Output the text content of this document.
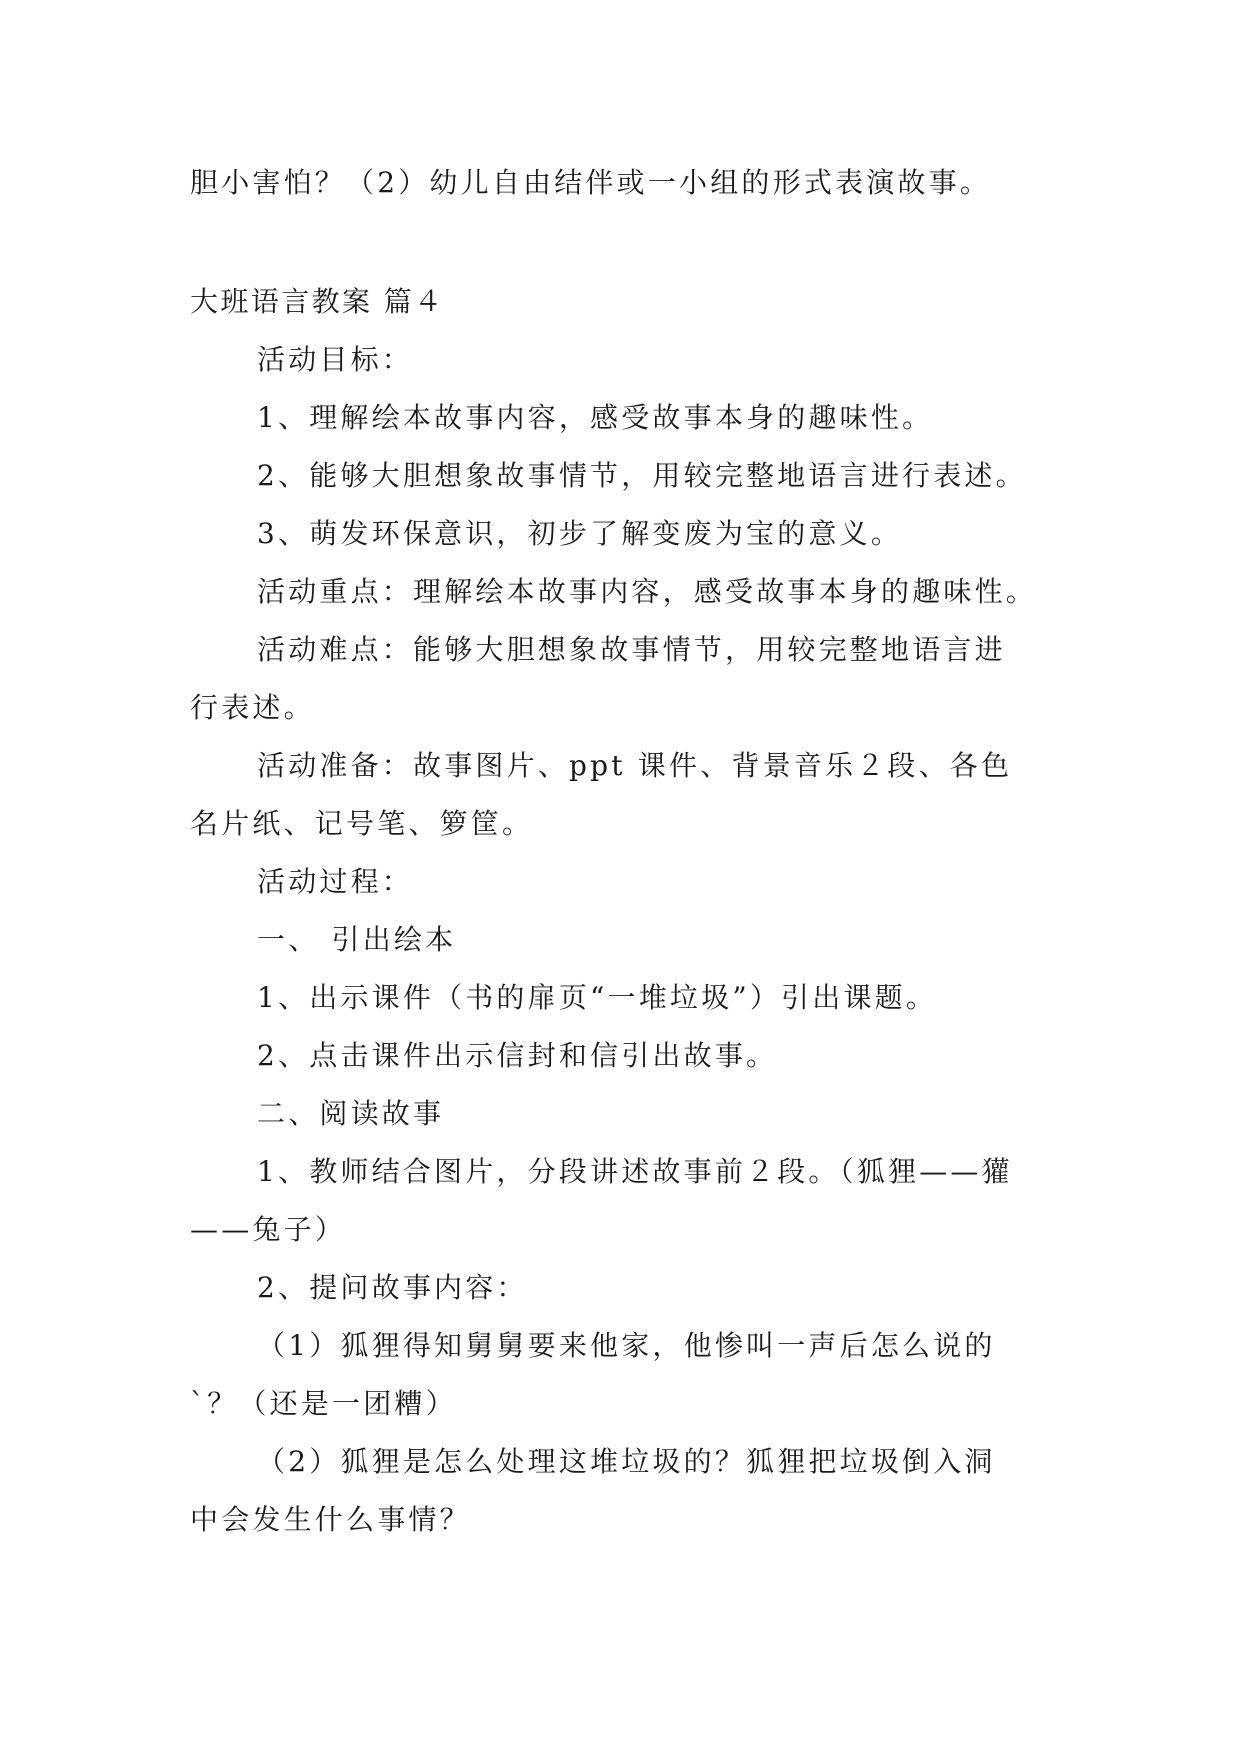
胆小害怕？（2）幼儿自由结伴或一小组的形式表演故事。
大班语言教案 篇４
活动目标：
1、理解绘本故事内容，感受故事本身的趣味性。
2、能够大胆想象故事情节，用较完整地语言进行表述。
3、萌发环保意识，初步了解变废为宝的意义。
活动重点：理解绘本故事内容，感受故事本身的趣味性。
活动难点：能够大胆想象故事情节，用较完整地语言进
行表述。
活动准备：故事图片、ppt 课件、背景音乐２段、各色
名片纸、记号笔、箩筐。
活动过程：
一、 引出绘本
1、出示课件（书的扉页“一堆垃圾”）引出课题。
2、点击课件出示信封和信引出故事。
二、阅读故事
1、教师结合图片，分段讲述故事前２段。（狐狸——獾
——兔子）
2、提问故事内容：
（1）狐狸得知舅舅要来他家，他惨叫一声后怎么说的
`？（还是一团糟）
（2）狐狸是怎么处理这堆垃圾的？狐狸把垃圾倒入洞
中会发生什么事情？
